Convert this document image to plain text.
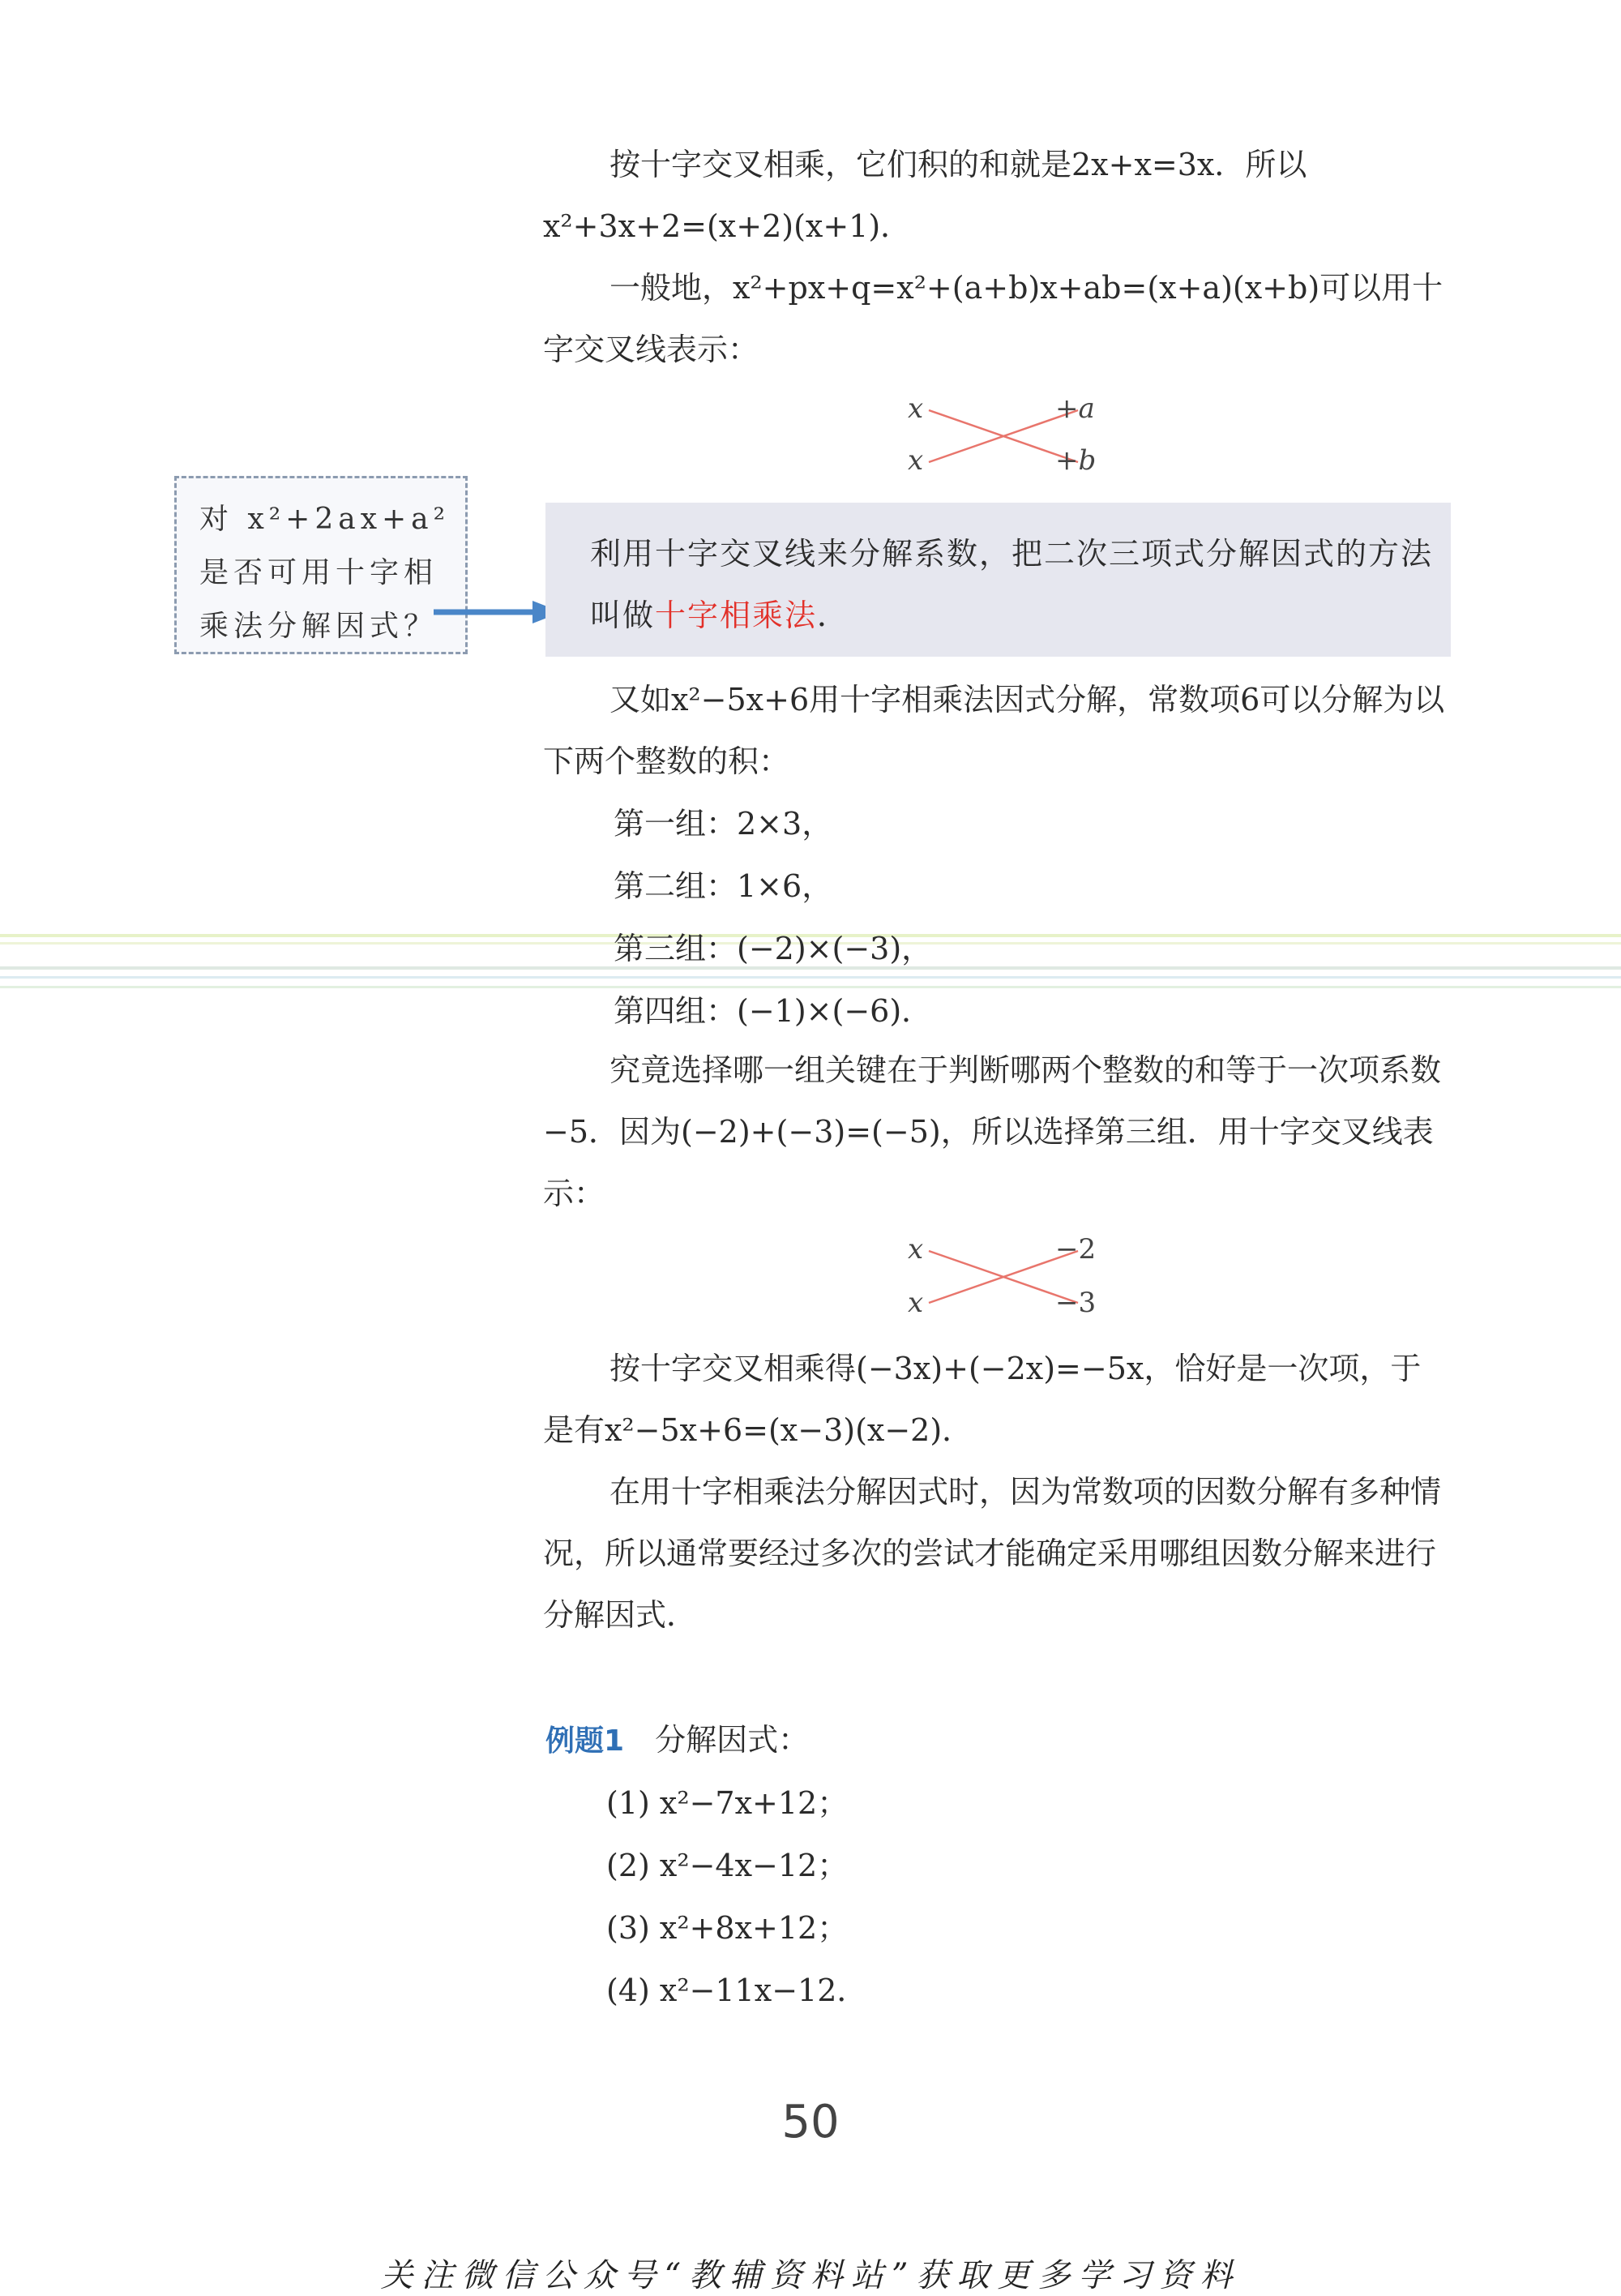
按十字交叉相乘，它们积的和就是2x+x=3x．所以x²+3x+2=(x+2)(x+1)．
一般地，x²+px+q=x²+(a+b)x+ab=(x+a)(x+b)可以用十字交叉线表示：
x
x
+a
+b
对 x²+2ax+a² 是否可用十字相乘法分解因式？
利用十字交叉线来分解系数，把二次三项式分解因式的方法叫做十字相乘法．
又如x²−5x+6用十字相乘法因式分解，常数项6可以分解为以下两个整数的积：
第一组：2×3，
第二组：1×6，
第三组：(−2)×(−3)，
第四组：(−1)×(−6)．
究竟选择哪一组关键在于判断哪两个整数的和等于一次项系数−5．因为(−2)+(−3)=(−5)，所以选择第三组．用十字交叉线表示：
x
x
−2
−3
按十字交叉相乘得(−3x)+(−2x)=−5x，恰好是一次项，于是有x²−5x+6=(x−3)(x−2)．
在用十字相乘法分解因式时，因为常数项的因数分解有多种情况，所以通常要经过多次的尝试才能确定采用哪组因数分解来进行分解因式．
例题1 分解因式：
(1) x²−7x+12；
(2) x²−4x−12；
(3) x²+8x+12；
(4) x²−11x−12．
50
关注微信公众号“教辅资料站”获取更多学习资料
